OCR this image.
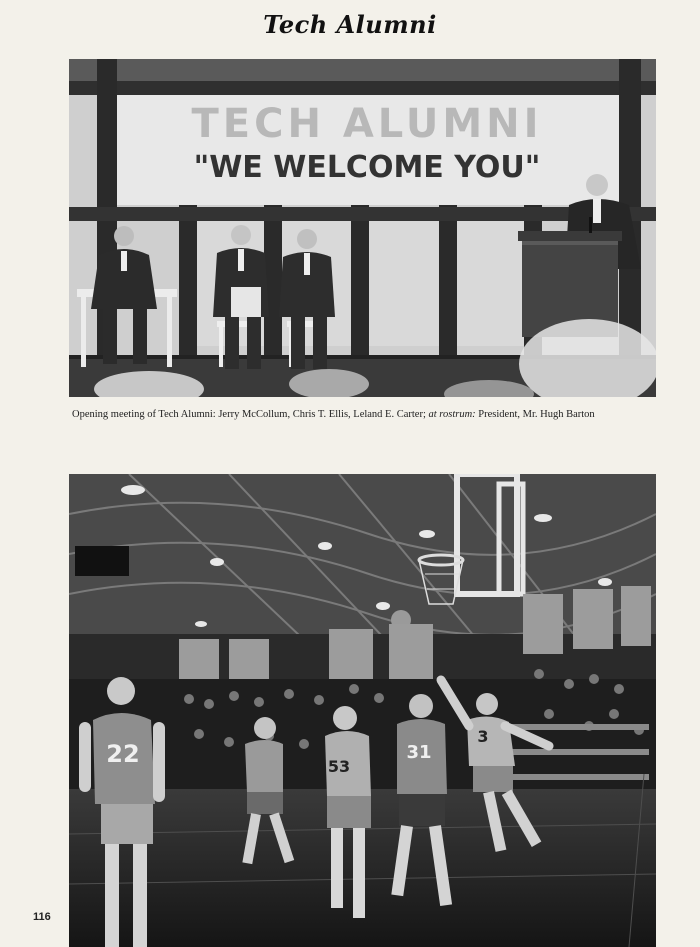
Tech Alumni
TECH ALUMNI
"WE WELCOME YOU"
Opening meeting of Tech Alumni: Jerry McCollum, Chris T. Ellis, Leland E. Carter; at rostrum: President, Mr. Hugh Barton
22	53
31
3
116
